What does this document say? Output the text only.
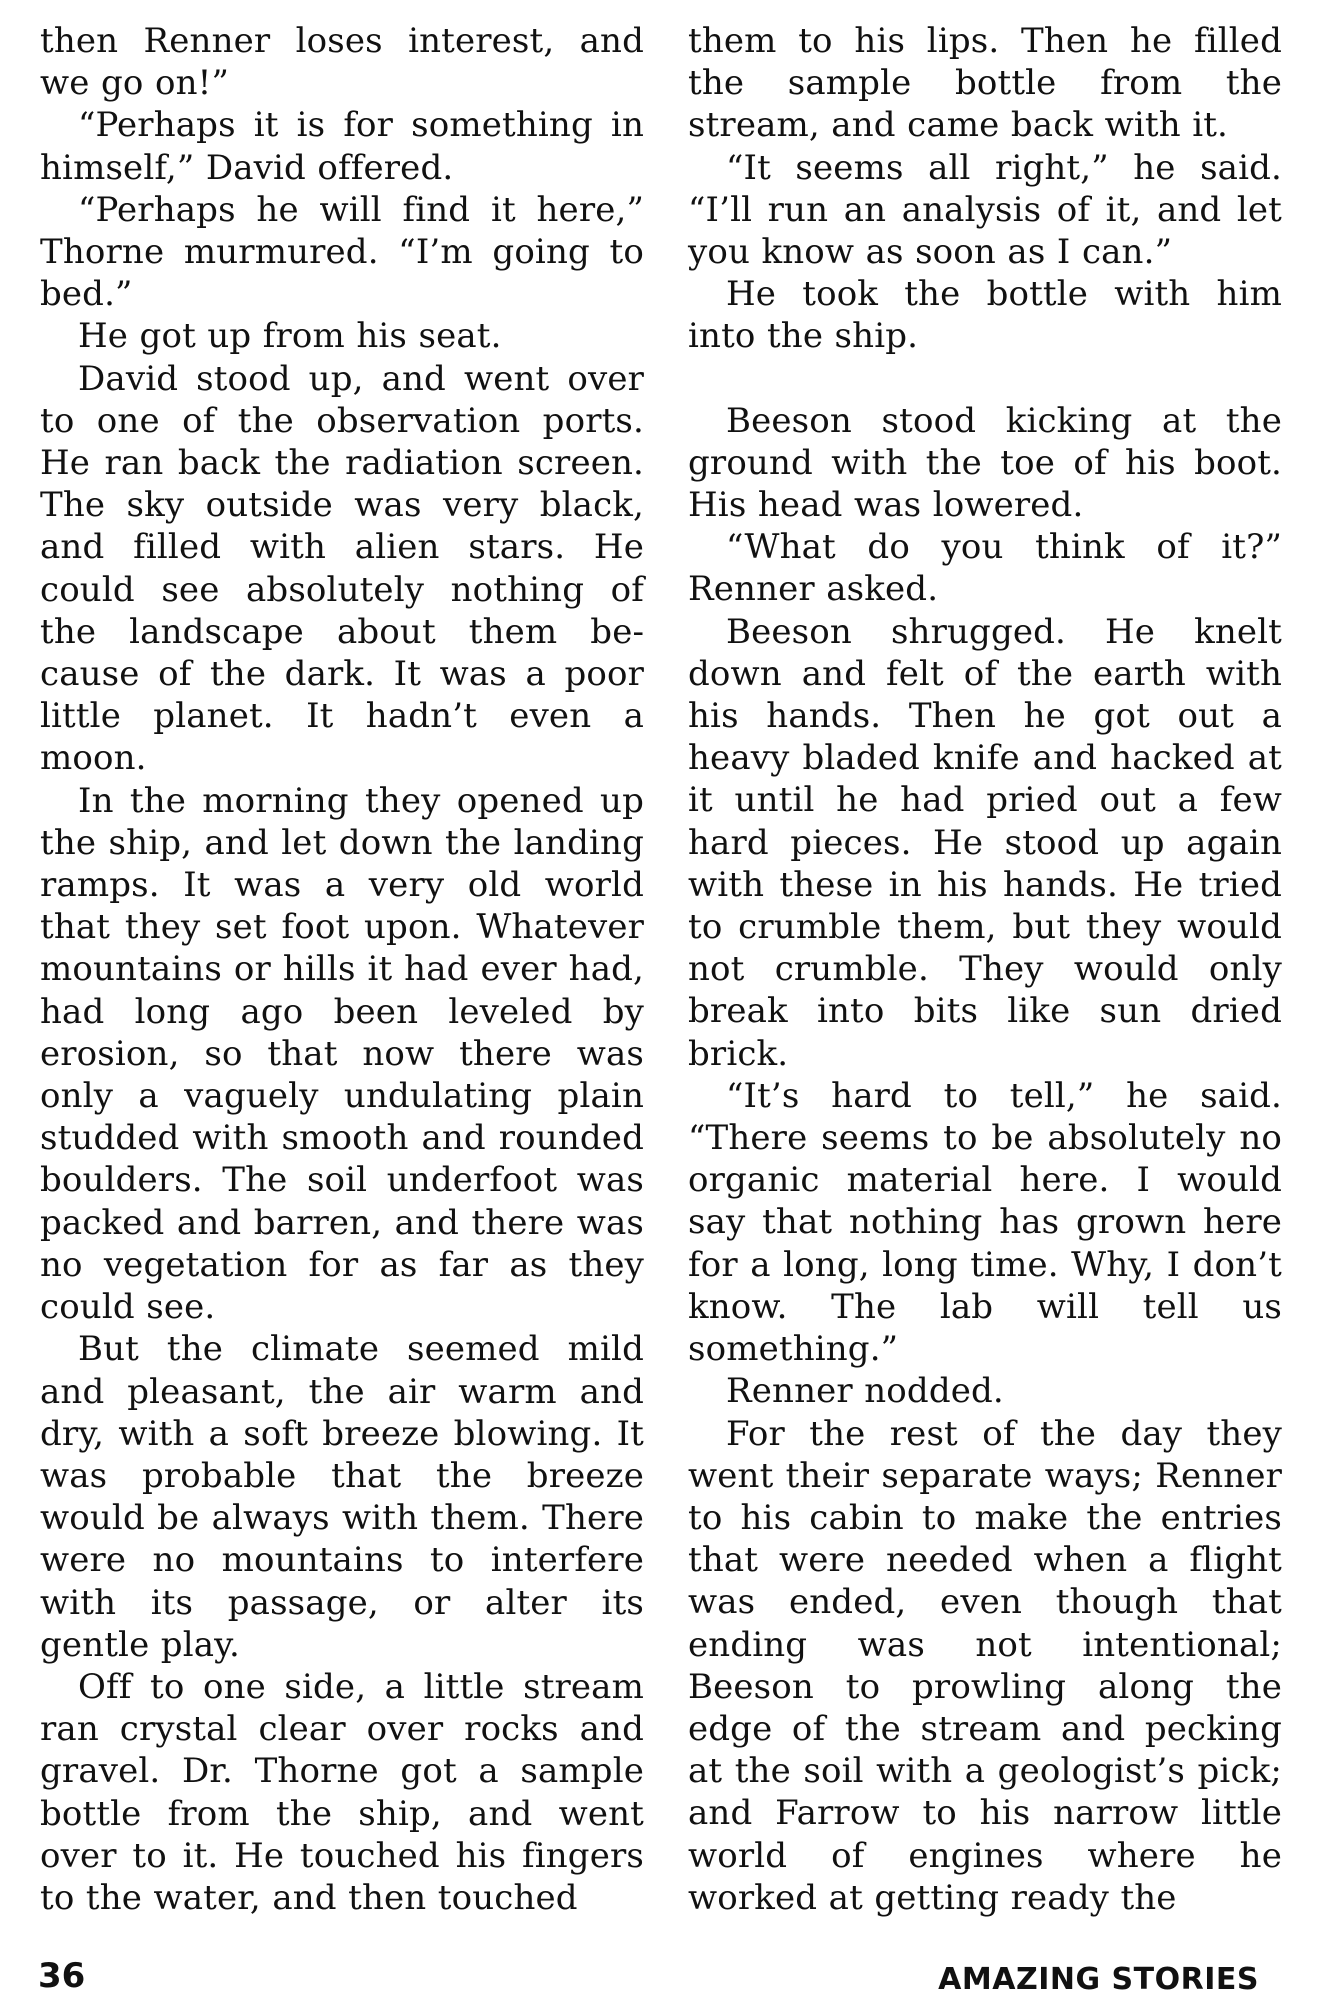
then Renner loses interest, and we go on!”

“Perhaps it is for something in himself,” David offered.

“Perhaps he will find it here,” Thorne murmured. “I’m going to bed.”

He got up from his seat.

David stood up, and went over to one of the observation ports. He ran back the radiation screen. The sky outside was very black, and filled with alien stars. He could see absolutely nothing of the landscape about them because of the dark. It was a poor little planet. It hadn’t even a moon.

In the morning they opened up the ship, and let down the landing ramps. It was a very old world that they set foot upon. Whatever mountains or hills it had ever had, had long ago been leveled by erosion, so that now there was only a vaguely undulating plain studded with smooth and rounded boulders. The soil underfoot was packed and barren, and there was no vegetation for as far as they could see.

But the climate seemed mild and pleasant, the air warm and dry, with a soft breeze blowing. It was probable that the breeze would be always with them. There were no mountains to interfere with its passage, or alter its gentle play.

Off to one side, a little stream ran crystal clear over rocks and gravel. Dr. Thorne got a sample bottle from the ship, and went over to it. He touched his fingers to the water, and then touched

them to his lips. Then he filled the sample bottle from the stream, and came back with it.

“It seems all right,” he said. “I’ll run an analysis of it, and let you know as soon as I can.”

He took the bottle with him into the ship.

Beeson stood kicking at the ground with the toe of his boot. His head was lowered.

“What do you think of it?” Renner asked.

Beeson shrugged. He knelt down and felt of the earth with his hands. Then he got out a heavy bladed knife and hacked at it until he had pried out a few hard pieces. He stood up again with these in his hands. He tried to crumble them, but they would not crumble. They would only break into bits like sun dried brick.

“It’s hard to tell,” he said. “There seems to be absolutely no organic material here. I would say that nothing has grown here for a long, long time. Why, I don’t know. The lab will tell us something.”

Renner nodded.

For the rest of the day they went their separate ways; Renner to his cabin to make the entries that were needed when a flight was ended, even though that ending was not intentional; Beeson to prowling along the edge of the stream and pecking at the soil with a geologist’s pick; and Farrow to his narrow little world of engines where he worked at getting ready the

36	AMAZING STORIES
